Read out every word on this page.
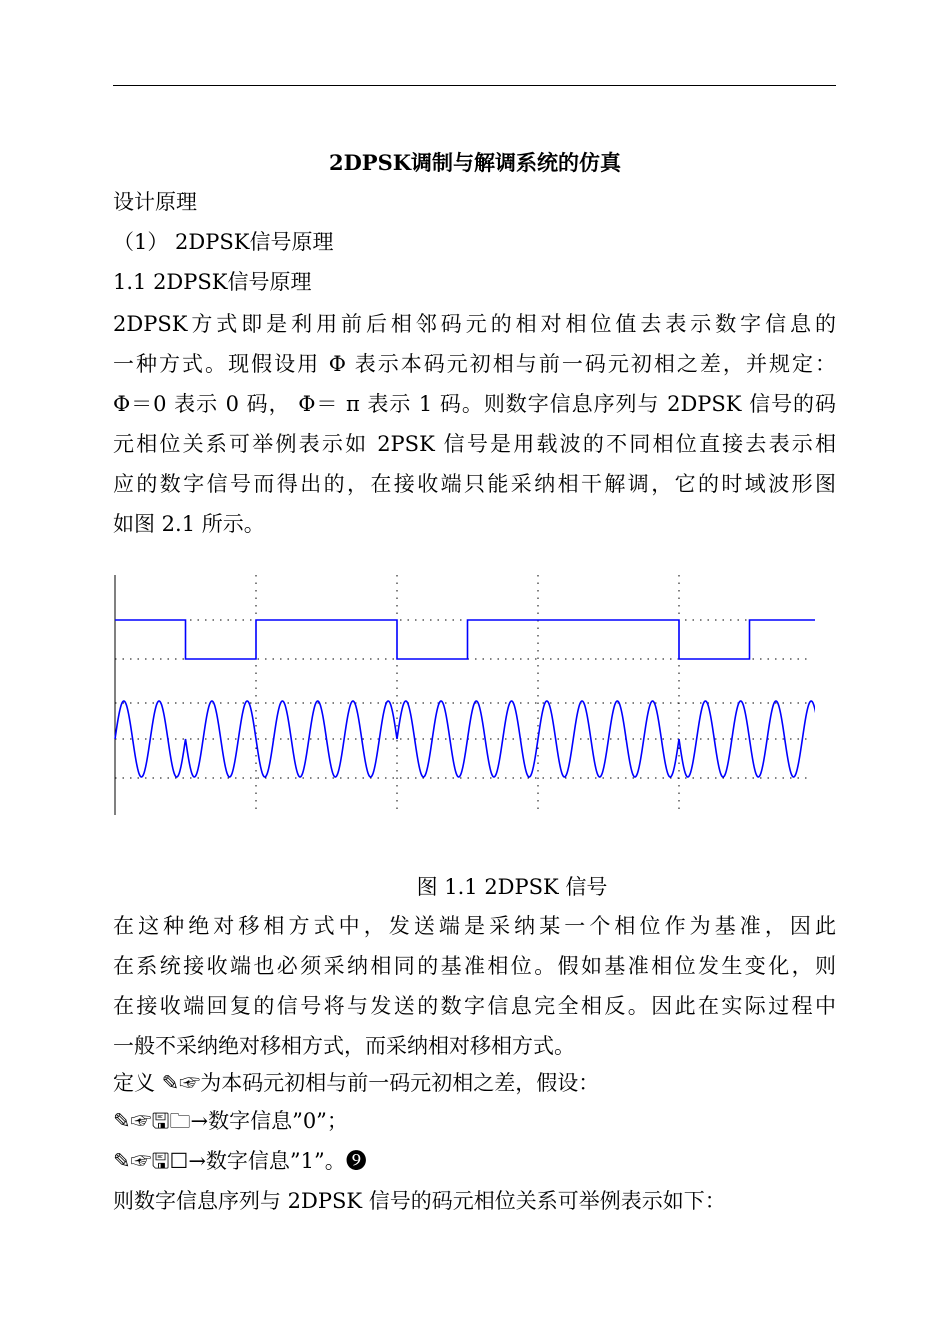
2DPSK调制与解调系统的仿真
设计原理
（1） 2DPSK信号原理
1.1 2DPSK信号原理
2DPSK方式即是利用前后相邻码元的相对相位值去表示数字信息的
一种方式。现假设用 Φ 表示本码元初相与前一码元初相之差，并规定：
Φ＝0 表示 0 码， Φ＝ π 表示 1 码。则数字信息序列与 2DPSK 信号的码
元相位关系可举例表示如 2PSK 信号是用载波的不同相位直接去表示相
应的数字信号而得出的，在接收端只能采纳相干解调，它的时域波形图
如图 2.1 所示。
图 1.1 2DPSK 信号
在这种绝对移相方式中，发送端是采纳某一个相位作为基准，因此
在系统接收端也必须采纳相同的基准相位。假如基准相位发生变化，则
在接收端回复的信号将与发送的数字信息完全相反。因此在实际过程中
一般不采纳绝对移相方式，而采纳相对移相方式。
定义 ✎☞为本码元初相与前一码元初相之差，假设：
✎☞🖫🗀→数字信息”0”；
✎☞🖫☐→数字信息”1”。❾
则数字信息序列与 2DPSK 信号的码元相位关系可举例表示如下：
